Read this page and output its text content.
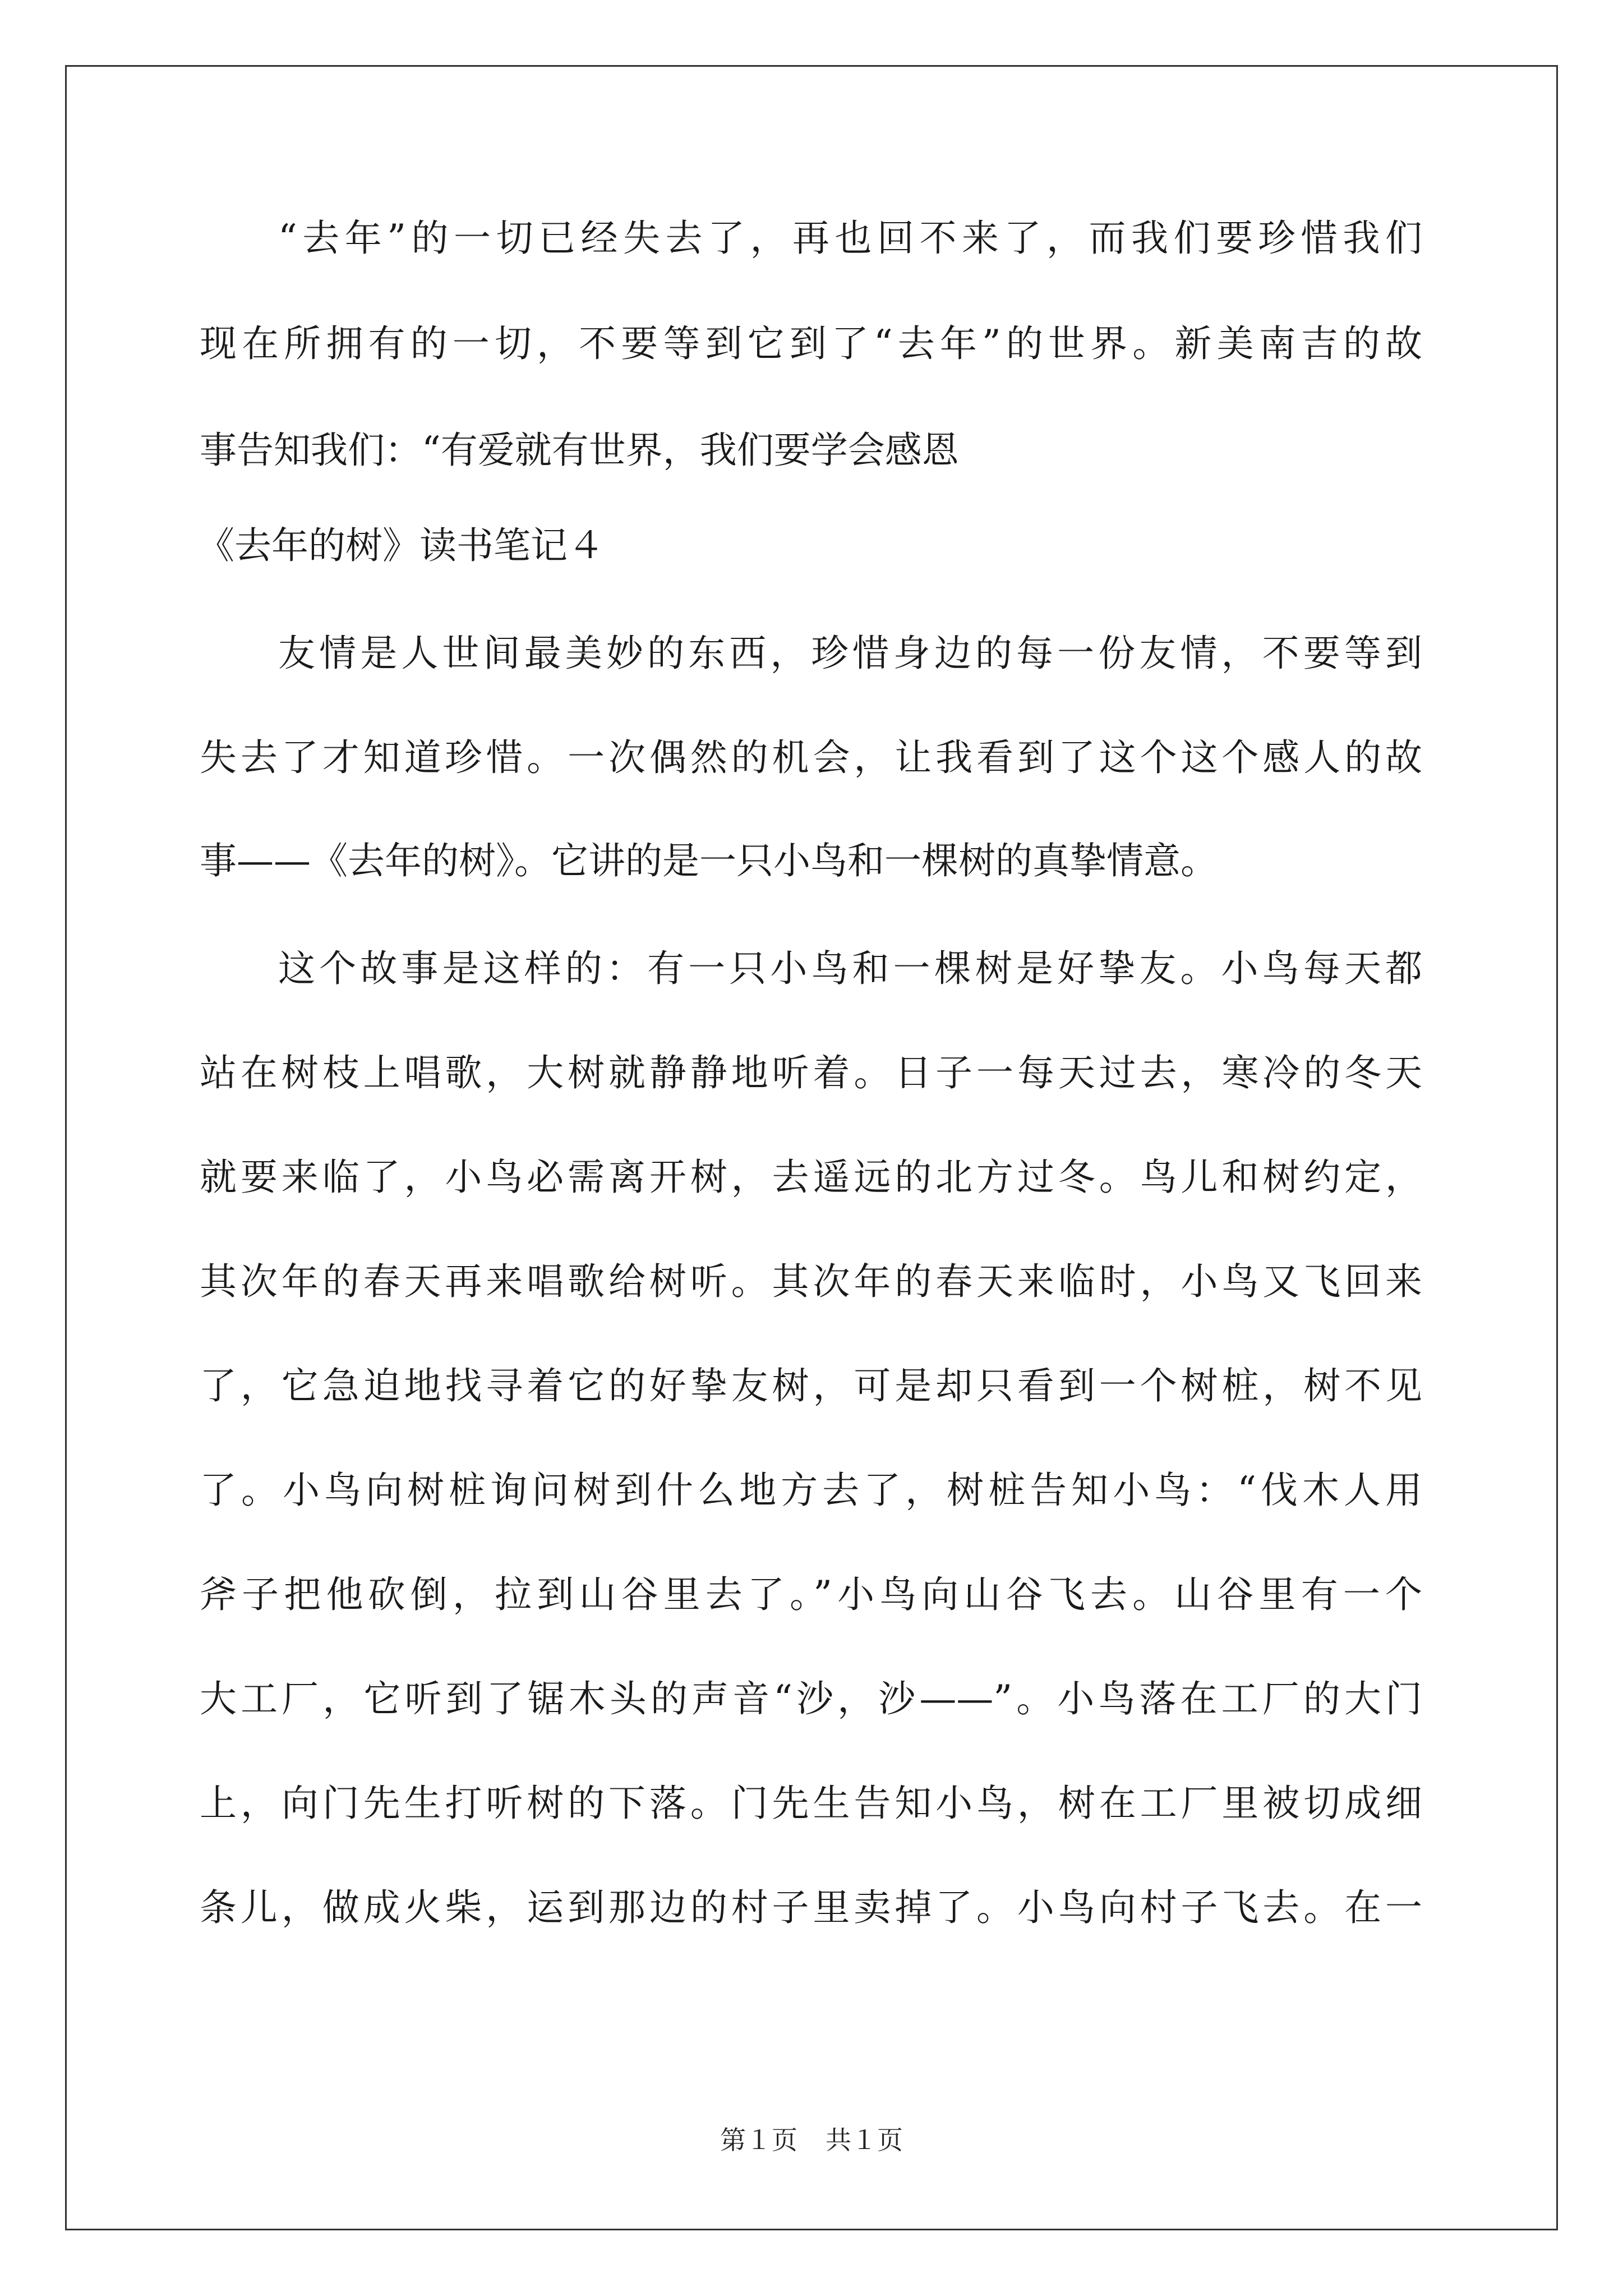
“去年”的一切已经失去了，再也回不来了，而我们要珍惜我们
现在所拥有的一切，不要等到它到了“去年”的世界。新美南吉的故
事告知我们：“有爱就有世界，我们要学会感恩
《去年的树》读书笔记４
友情是人世间最美妙的东西，珍惜身边的每一份友情，不要等到
失去了才知道珍惜。一次偶然的机会，让我看到了这个这个感人的故
事——《去年的树》。它讲的是一只小鸟和一棵树的真挚情意。
这个故事是这样的：有一只小鸟和一棵树是好挚友。小鸟每天都
站在树枝上唱歌，大树就静静地听着。日子一每天过去，寒冷的冬天
就要来临了，小鸟必需离开树，去遥远的北方过冬。鸟儿和树约定，
其次年的春天再来唱歌给树听。其次年的春天来临时，小鸟又飞回来
了，它急迫地找寻着它的好挚友树，可是却只看到一个树桩，树不见
了。小鸟向树桩询问树到什么地方去了，树桩告知小鸟：“伐木人用
斧子把他砍倒，拉到山谷里去了。”小鸟向山谷飞去。山谷里有一个
大工厂，它听到了锯木头的声音“沙，沙——”。小鸟落在工厂的大门
上，向门先生打听树的下落。门先生告知小鸟，树在工厂里被切成细
条儿，做成火柴，运到那边的村子里卖掉了。小鸟向村子飞去。在一
第１页 共１页
